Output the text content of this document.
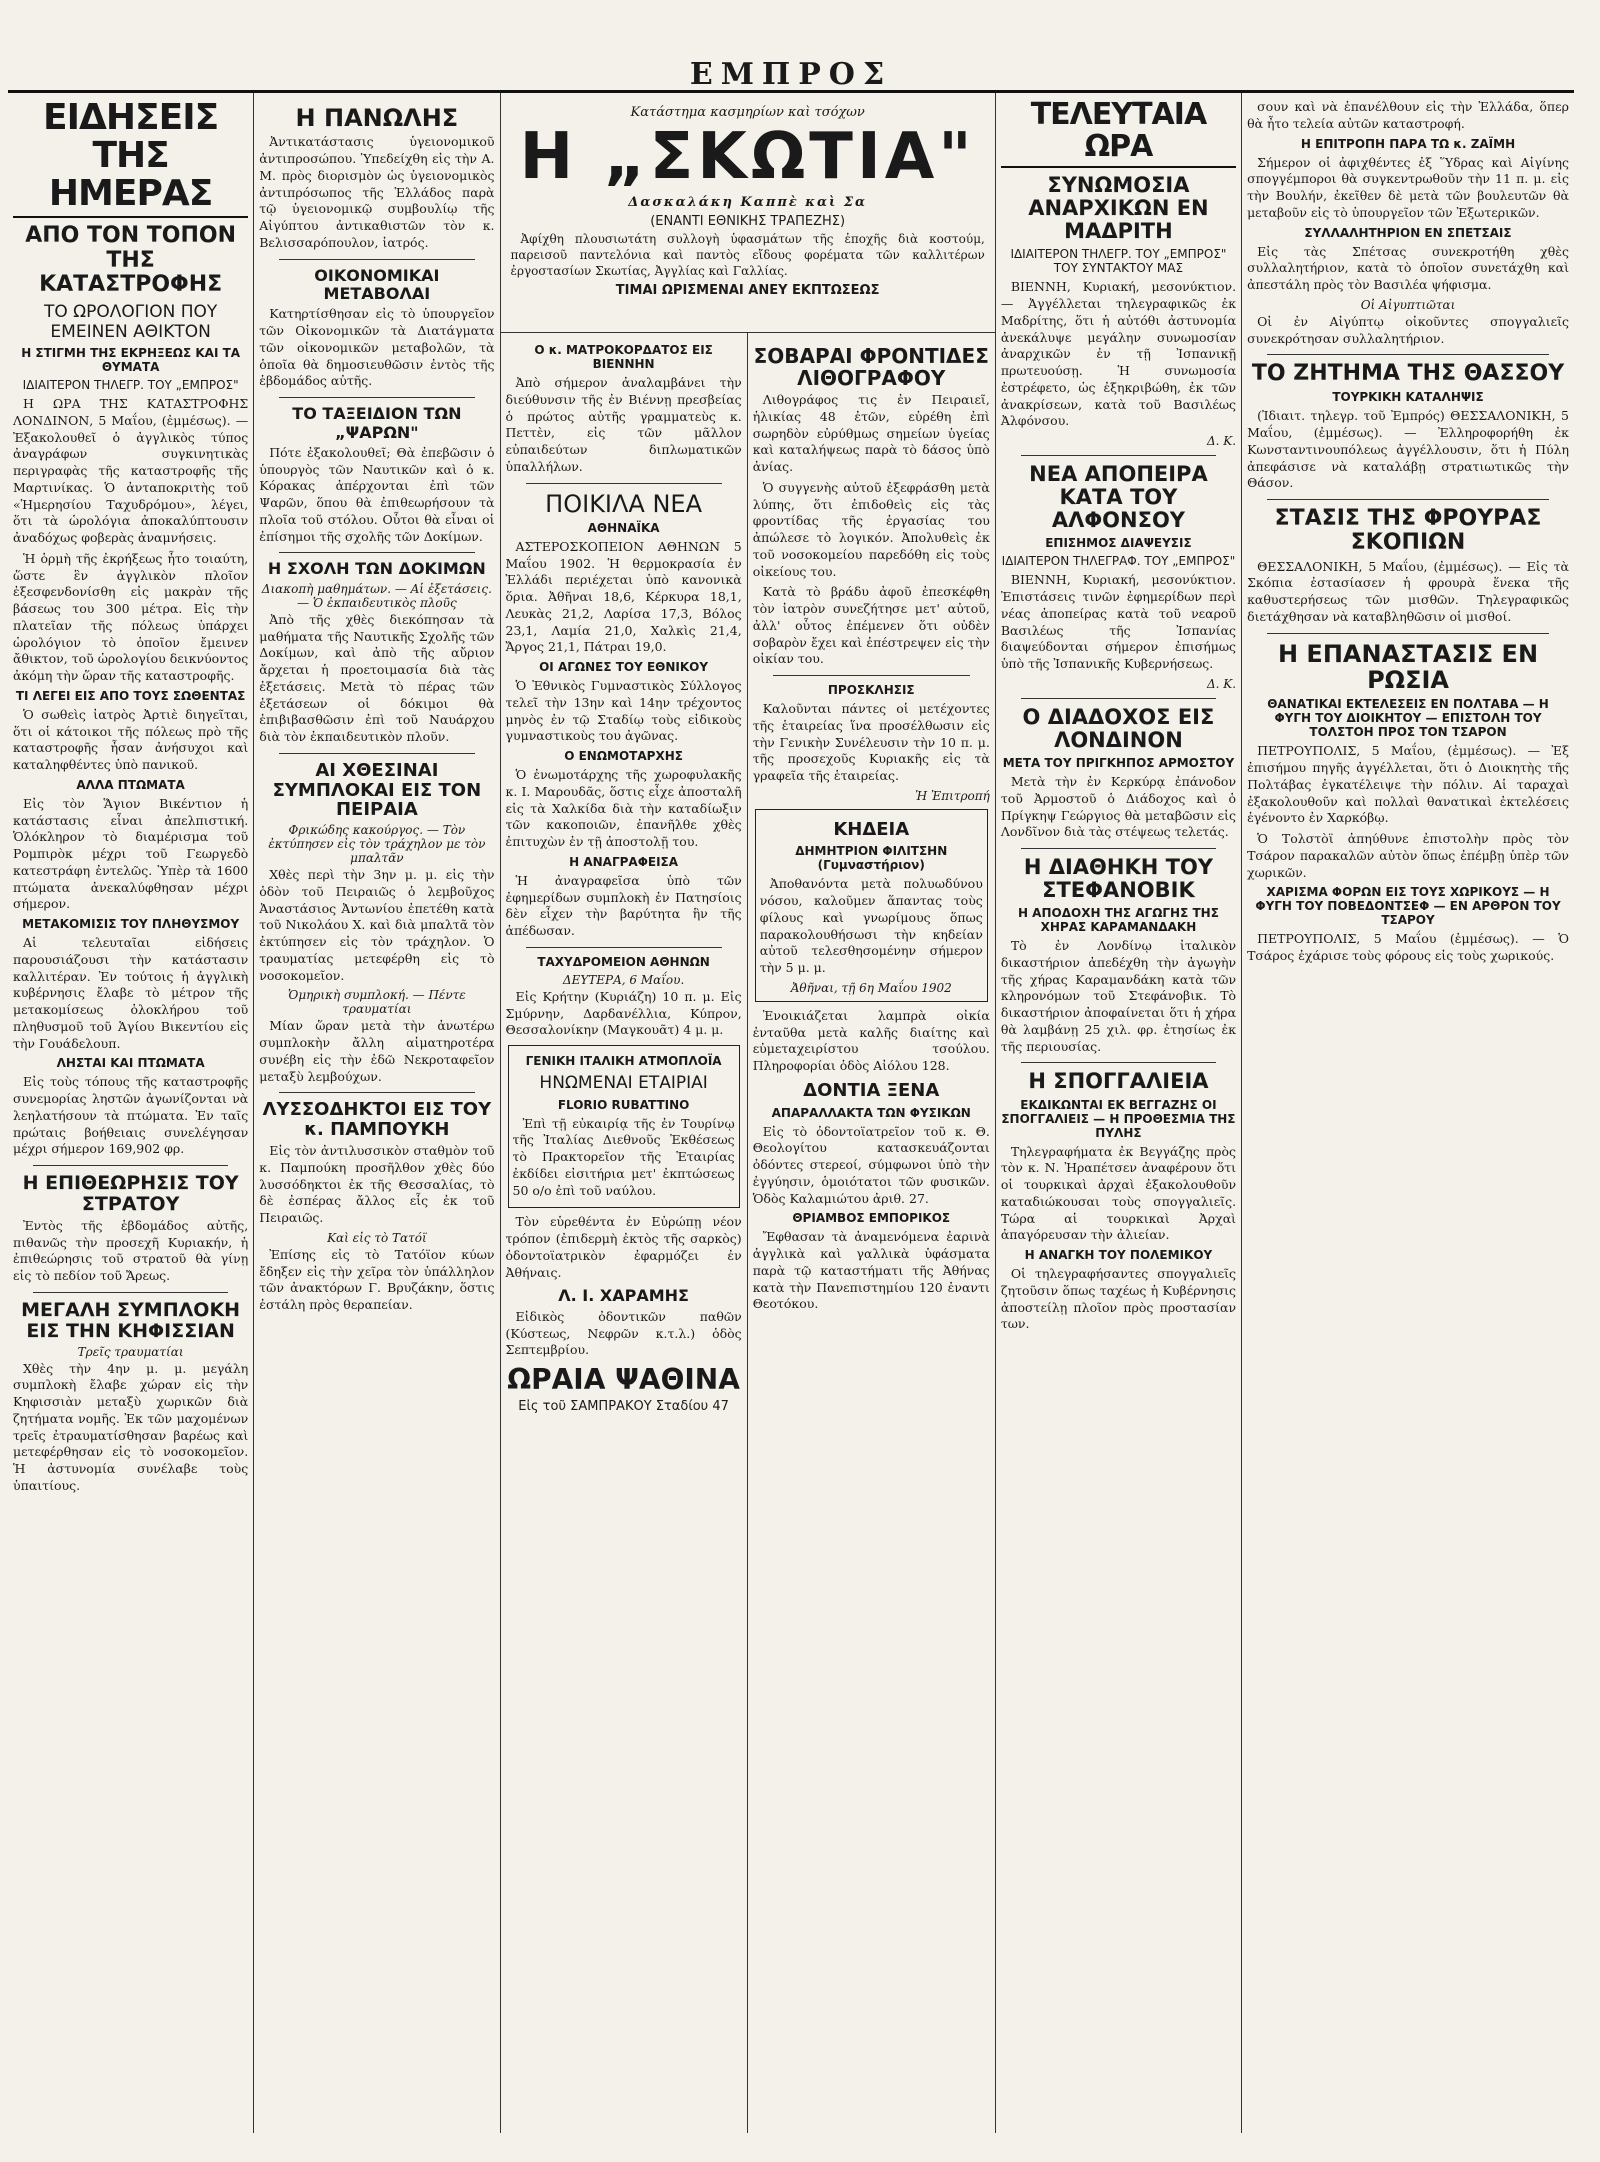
ΕΜΠΡΟΣ
ΕΙΔΗΣΕΙΣ ΤΗΣ ΗΜΕΡΑΣ
ΑΠΟ ΤΟΝ ΤΟΠΟΝ ΤΗΣ ΚΑΤΑΣΤΡΟΦΗΣ
ΤΟ ΩΡΟΛΟΓΙΟΝ ΠΟΥ ΕΜΕΙΝΕΝ ΑΘΙΚΤΟΝ
Η ΣΤΙΓΜΗ ΤΗΣ ΕΚΡΗΞΕΩΣ ΚΑΙ ΤΑ ΘΥΜΑΤΑ
ΙΔΙΑΙΤΕΡΟΝ ΤΗΛΕΓΡ. ΤΟΥ „ΕΜΠΡΟΣ"

Η ΩΡΑ ΤΗΣ ΚΑΤΑΣΤΡΟΦΗΣ ΛΟΝΔΙΝΟΝ, 5 Μαΐου, (ἐμμέσως). — Ἐξακολουθεῖ ὁ ἀγγλικὸς τύπος ἀναγράφων συγκινητικὰς περιγραφὰς τῆς καταστροφῆς τῆς Μαρτινίκας. Ὁ ἀνταποκριτὴς τοῦ «Ἡμερησίου Ταχυδρόμου», λέγει, ὅτι τὰ ὡρολόγια ἀποκαλύπτουσιν ἀναδόχως φοβερὰς ἀναμνήσεις.

Ἡ ὁρμὴ τῆς ἐκρήξεως ἦτο τοιαύτη, ὥστε ἓν ἀγγλικὸν πλοῖον ἐξεσφενδονίσθη εἰς μακρὰν τῆς βάσεως του 300 μέτρα. Εἰς τὴν πλατεῖαν τῆς πόλεως ὑπάρχει ὡρολόγιον τὸ ὁποῖον ἔμεινεν ἄθικτον, τοῦ ὡρολογίου δεικνύοντος ἀκόμη τὴν ὥραν τῆς καταστροφῆς.

ΤΙ ΛΕΓΕΙ ΕΙΣ ΑΠΟ ΤΟΥΣ ΣΩΘΕΝΤΑΣ

Ὁ σωθεὶς ἰατρὸς Ἀρτιὲ διηγεῖται, ὅτι οἱ κάτοικοι τῆς πόλεως πρὸ τῆς καταστροφῆς ἦσαν ἀνήσυχοι καὶ καταληφθέντες ὑπὸ πανικοῦ.

ΑΛΛΑ ΠΤΩΜΑΤΑ

Εἰς τὸν Ἅγιον Βικέντιον ἡ κατάστασις εἶναι ἀπελπιστική. Ὁλόκληρον τὸ διαμέρισμα τοῦ Ρομπιρὸκ μέχρι τοῦ Γεωργεδὸ κατεστράφη ἐντελῶς. Ὑπὲρ τὰ 1600 πτώματα ἀνεκαλύφθησαν μέχρι σήμερον.

ΜΕΤΑΚΟΜΙΣΙΣ ΤΟΥ ΠΛΗΘΥΣΜΟΥ

Αἱ τελευταῖαι εἰδήσεις παρουσιάζουσι τὴν κατάστασιν καλλιτέραν. Ἐν τούτοις ἡ ἀγγλικὴ κυβέρνησις ἔλαβε τὸ μέτρον τῆς μετακομίσεως ὁλοκλήρου τοῦ πληθυσμοῦ τοῦ Ἁγίου Βικεντίου εἰς τὴν Γουάδελουπ.

ΛΗΣΤΑΙ ΚΑΙ ΠΤΩΜΑΤΑ

Εἰς τοὺς τόπους τῆς καταστροφῆς συνεμορίας ληστῶν ἀγωνίζονται νὰ λεηλατήσουν τὰ πτώματα. Ἐν ταῖς πρώταις βοήθειαις συνελέγησαν μέχρι σήμερον 169,902 φρ.

Η ΕΠΙΘΕΩΡΗΣΙΣ ΤΟΥ ΣΤΡΑΤΟΥ

Ἐντὸς τῆς ἑβδομάδος αὐτῆς, πιθανῶς τὴν προσεχῆ Κυριακήν, ἡ ἐπιθεώρησις τοῦ στρατοῦ θὰ γίνῃ εἰς τὸ πεδίον τοῦ Ἄρεως.

ΜΕΓΑΛΗ ΣΥΜΠΛΟΚΗ ΕΙΣ ΤΗΝ ΚΗΦΙΣΣΙΑΝ
Τρεῖς τραυματίαι

Χθὲς τὴν 4ην μ. μ. μεγάλη συμπλοκὴ ἔλαβε χώραν εἰς τὴν Κηφισσιὰν μεταξὺ χωρικῶν διὰ ζητήματα νομῆς. Ἐκ τῶν μαχομένων τρεῖς ἐτραυματίσθησαν βαρέως καὶ μετεφέρθησαν εἰς τὸ νοσοκομεῖον. Ἡ ἀστυνομία συνέλαβε τοὺς ὑπαιτίους.

Η ΠΑΝΩΛΗΣ

Ἀντικατάστασις ὑγειονομικοῦ ἀντιπροσώπου. Ὑπεδείχθη εἰς τὴν Α. Μ. πρὸς διορισμὸν ὡς ὑγειονομικὸς ἀντιπρόσωπος τῆς Ἑλλάδος παρὰ τῷ ὑγειονομικῷ συμβουλίῳ τῆς Αἰγύπτου ἀντικαθιστῶν τὸν κ. Βελισσαρόπουλον, ἰατρός.

ΟΙΚΟΝΟΜΙΚΑΙ ΜΕΤΑΒΟΛΑΙ

Κατηρτίσθησαν εἰς τὸ ὑπουργεῖον τῶν Οἰκονομικῶν τὰ Διατάγματα τῶν οἰκονομικῶν μεταβολῶν, τὰ ὁποῖα θὰ δημοσιευθῶσιν ἐντὸς τῆς ἑβδομάδος αὐτῆς.

ΤΟ ΤΑΞΕΙΔΙΟΝ ΤΩΝ „ΨΑΡΩΝ"

Πότε ἐξακολουθεῖ; Θὰ ἐπεβῶσιν ὁ ὑπουργὸς τῶν Ναυτικῶν καὶ ὁ κ. Κόρακας ἀπέρχονται ἐπὶ τῶν Ψαρῶν, ὅπου θὰ ἐπιθεωρήσουν τὰ πλοῖα τοῦ στόλου. Οὗτοι θὰ εἶναι οἱ ἐπίσημοι τῆς σχολῆς τῶν Δοκίμων.

Η ΣΧΟΛΗ ΤΩΝ ΔΟΚΙΜΩΝ
Διακοπὴ μαθημάτων. — Αἱ ἐξετάσεις. — Ὁ ἐκπαιδευτικὸς πλοῦς

Ἀπὸ τῆς χθὲς διεκόπησαν τὰ μαθήματα τῆς Ναυτικῆς Σχολῆς τῶν Δοκίμων, καὶ ἀπὸ τῆς αὔριον ἄρχεται ἡ προετοιμασία διὰ τὰς ἐξετάσεις. Μετὰ τὸ πέρας τῶν ἐξετάσεων οἱ δόκιμοι θὰ ἐπιβιβασθῶσιν ἐπὶ τοῦ Ναυάρχου διὰ τὸν ἐκπαιδευτικὸν πλοῦν.

ΑΙ ΧΘΕΣΙΝΑΙ ΣΥΜΠΛΟΚΑΙ ΕΙΣ ΤΟΝ ΠΕΙΡΑΙΑ
Φρικώδης κακούργος. — Τὸν ἐκτύπησεν εἰς τὸν τράχηλον με τὸν μπαλτᾶν

Χθὲς περὶ τὴν 3ην μ. μ. εἰς τὴν ὁδὸν τοῦ Πειραιῶς ὁ λεμβοῦχος Ἀναστάσιος Ἀντωνίου ἐπετέθη κατὰ τοῦ Νικολάου Χ. καὶ διὰ μπαλτᾶ τὸν ἐκτύπησεν εἰς τὸν τράχηλον. Ὁ τραυματίας μετεφέρθη εἰς τὸ νοσοκομεῖον.

Ὁμηρικὴ συμπλοκή. — Πέντε τραυματίαι

Μίαν ὥραν μετὰ τὴν ἀνωτέρω συμπλοκὴν ἄλλη αἱματηροτέρα συνέβη εἰς τὴν ἐδῶ Νεκροταφεῖον μεταξὺ λεμβούχων.

ΛΥΣΣΟΔΗΚΤΟΙ ΕΙΣ ΤΟΥ κ. ΠΑΜΠΟΥΚΗ

Εἰς τὸν ἀντιλυσσικὸν σταθμὸν τοῦ κ. Παμπούκη προσῆλθον χθὲς δύο λυσσόδηκτοι ἐκ τῆς Θεσσαλίας, τὸ δὲ ἐσπέρας ἄλλος εἷς ἐκ τοῦ Πειραιῶς.

Καὶ εἰς τὸ Τατόϊ

Ἐπίσης εἰς τὸ Τατόϊον κύων ἔδηξεν εἰς τὴν χεῖρα τὸν ὑπάλληλον τῶν ἀνακτόρων Γ. Βρυζάκην, ὅστις ἐστάλη πρὸς θεραπείαν.

Κατάστημα κασμηρίων καὶ τσόχων
Η „ΣΚΩΤΙΑ"
Δασκαλάκη Καππὲ καὶ Σα
(ΕΝΑΝΤΙ ΕΘΝΙΚΗΣ ΤΡΑΠΕΖΗΣ)

Ἀφίχθη πλουσιωτάτη συλλογὴ ὑφασμάτων τῆς ἐποχῆς διὰ κοστούμ, παρεισοῦ παντελόνια καὶ παντὸς εἴδους φορέματα τῶν καλλιτέρων ἐργοστασίων Σκωτίας, Ἀγγλίας καὶ Γαλλίας.

ΤΙΜΑΙ ΩΡΙΣΜΕΝΑΙ ΑΝΕΥ ΕΚΠΤΩΣΕΩΣ
Ο κ. ΜΑΤΡΟΚΟΡΔΑΤΟΣ ΕΙΣ ΒΙΕΝΝΗΝ

Ἀπὸ σήμερον ἀναλαμβάνει τὴν διεύθυνσιν τῆς ἐν Βιέννῃ πρεσβείας ὁ πρώτος αὐτῆς γραμματεὺς κ. Πεττὲν, εἰς τῶν μᾶλλον εὐπαιδεύτων διπλωματικῶν ὑπαλλήλων.

ΠΟΙΚΙΛΑ ΝΕΑ
ΑΘΗΝΑΪΚΑ

ΑΣΤΕΡΟΣΚΟΠΕΙΟΝ ΑΘΗΝΩΝ 5 Μαΐου 1902. Ἡ θερμοκρασία ἐν Ἑλλάδι περιέχεται ὑπὸ κανονικὰ ὅρια. Ἀθῆναι 18,6, Κέρκυρα 18,1, Λευκὰς 21,2, Λαρίσα 17,3, Βόλος 23,1, Λαμία 21,0, Χαλκὶς 21,4, Ἄργος 21,1, Πάτραι 19,0.

ΟΙ ΑΓΩΝΕΣ ΤΟΥ ΕΘΝΙΚΟΥ

Ὁ Ἐθνικὸς Γυμναστικὸς Σύλλογος τελεῖ τὴν 13ην καὶ 14ην τρέχοντος μηνὸς ἐν τῷ Σταδίῳ τοὺς εἰδικοὺς γυμναστικοὺς του ἀγῶνας.

Ο ΕΝΩΜΟΤΑΡΧΗΣ

Ὁ ἐνωμοτάρχης τῆς χωροφυλακῆς κ. Ι. Μαρουδᾶς, ὅστις εἶχε ἀποσταλῆ εἰς τὰ Χαλκίδα διὰ τὴν καταδίωξιν τῶν κακοποιῶν, ἐπανῆλθε χθὲς ἐπιτυχὼν ἐν τῇ ἀποστολῇ του.

Η ΑΝΑΓΡΑΦΕΙΣΑ

Ἡ ἀναγραφεῖσα ὑπὸ τῶν ἐφημερίδων συμπλοκὴ ἐν Πατησίοις δὲν εἶχεν τὴν βαρύτητα ἣν τῆς ἀπέδωσαν.

ΤΑΧΥΔΡΟΜΕΙΟΝ ΑΘΗΝΩΝ
ΔΕΥΤΕΡΑ, 6 Μαΐου.

Εἰς Κρήτην (Κυριάζη) 10 π. μ. Εἰς Σμύρνην, Δαρδανέλλια, Κύπρον, Θεσσαλονίκην (Μαγκουᾶτ) 4 μ. μ.

ΓΕΝΙΚΗ ΙΤΑΛΙΚΗ ΑΤΜΟΠΛΟΪΑ
ΗΝΩΜΕΝΑΙ ΕΤΑΙΡΙΑΙ
FLORIO RUBATTINO

Ἐπὶ τῇ εὐκαιρίᾳ τῆς ἐν Τουρίνῳ τῆς Ἰταλίας Διεθνοῦς Ἐκθέσεως τὸ Πρακτορεῖον τῆς Ἑταιρίας ἐκδίδει εἰσιτήρια μετ' ἐκπτώσεως 50 ο/ο ἐπὶ τοῦ ναύλου.

Τὸν εὑρεθέντα ἐν Εὐρώπῃ νέον τρόπον (ἐπιδερμὴ ἐκτὸς τῆς σαρκὸς) ὀδοντοϊατρικὸν ἐφαρμόζει ἐν Ἀθήναις.

Λ. Ι. ΧΑΡΑΜΗΣ

Εἰδικὸς ὀδοντικῶν παθῶν (Κύστεως, Νεφρῶν κ.τ.λ.) ὁδὸς Σεπτεμβρίου.

ΩΡΑΙΑ ΨΑΘΙΝΑ
Εἰς τοῦ ΣΑΜΠΡΑΚΟΥ Σταδίου 47
ΣΟΒΑΡΑΙ ΦΡΟΝΤΙΔΕΣ ΛΙΘΟΓΡΑΦΟΥ

Λιθογράφος τις ἐν Πειραιεῖ, ἡλικίας 48 ἐτῶν, εὑρέθη ἐπὶ σωρηδὸν εὐρύθμως σημείων ὑγείας καὶ καταλήψεως παρὰ τὸ δάσος ὑπὸ ἀνίας.

Ὁ συγγενὴς αὐτοῦ ἐξεφράσθη μετὰ λύπης, ὅτι ἐπιδοθεὶς εἰς τὰς φροντίδας τῆς ἐργασίας του ἀπώλεσε τὸ λογικόν. Ἀπολυθεὶς ἐκ τοῦ νοσοκομείου παρεδόθη εἰς τοὺς οἰκείους του.

Κατὰ τὸ βράδυ ἀφοῦ ἐπεσκέφθη τὸν ἰατρὸν συνεζήτησε μετ' αὐτοῦ, ἀλλ' οὗτος ἐπέμενεν ὅτι οὐδὲν σοβαρὸν ἔχει καὶ ἐπέστρεψεν εἰς τὴν οἰκίαν του.

ΠΡΟΣΚΛΗΣΙΣ

Καλοῦνται πάντες οἱ μετέχοντες τῆς ἑταιρείας ἵνα προσέλθωσιν εἰς τὴν Γενικὴν Συνέλευσιν τὴν 10 π. μ. τῆς προσεχοῦς Κυριακῆς εἰς τὰ γραφεῖα τῆς ἑταιρείας.

Ἡ Ἐπιτροπή
ΚΗΔΕΙΑ
ΔΗΜΗΤΡΙΟΝ ΦΙΛΙΤΣΗΝ (Γυμναστήριον)

Ἀποθανόντα μετὰ πολυωδύνου νόσου, καλοῦμεν ἅπαντας τοὺς φίλους καὶ γνωρίμους ὅπως παρακολουθήσωσι τὴν κηδείαν αὐτοῦ τελεσθησομένην σήμερον τὴν 5 μ. μ.

Ἀθῆναι, τῇ 6η Μαΐου 1902

Ἐνοικιάζεται λαμπρὰ οἰκία ἐνταῦθα μετὰ καλῆς διαίτης καὶ εὐμεταχειρίστου τσούλου. Πληροφορίαι ὁδὸς Αἰόλου 128.

ΔΟΝΤΙΑ ΞΕΝΑ
ΑΠΑΡΑΛΛΑΚΤΑ ΤΩΝ ΦΥΣΙΚΩΝ

Εἰς τὸ ὀδοντοϊατρεῖον τοῦ κ. Θ. Θεολογίτου κατασκευάζονται ὀδόντες στερεοί, σύμφωνοι ὑπὸ τὴν ἐγγύησιν, ὁμοιότατοι τῶν φυσικῶν. Ὁδὸς Καλαμιώτου ἀριθ. 27.

ΘΡΙΑΜΒΟΣ ΕΜΠΟΡΙΚΟΣ

Ἔφθασαν τὰ ἀναμενόμενα ἐαρινὰ ἀγγλικὰ καὶ γαλλικὰ ὑφάσματα παρὰ τῷ καταστήματι τῆς Ἀθήνας κατὰ τὴν Πανεπιστημίου 120 ἐναντι Θεοτόκου.

ΤΕΛΕΥΤΑΙΑ ΩΡΑ
ΣΥΝΩΜΟΣΙΑ ΑΝΑΡΧΙΚΩΝ ΕΝ ΜΑΔΡΙΤΗ
ΙΔΙΑΙΤΕΡΟΝ ΤΗΛΕΓΡ. ΤΟΥ „ΕΜΠΡΟΣ" ΤΟΥ ΣΥΝΤΑΚΤΟΥ ΜΑΣ

ΒΙΕΝΝΗ, Κυριακή, μεσονύκτιον. — Ἀγγέλλεται τηλεγραφικῶς ἐκ Μαδρίτης, ὅτι ἡ αὐτόθι ἀστυνομία ἀνεκάλυψε μεγάλην συνωμοσίαν ἀναρχικῶν ἐν τῇ Ἰσπανικῇ πρωτευούσῃ. Ἡ συνωμοσία ἐστρέφετο, ὡς ἐξηκριβώθη, ἐκ τῶν ἀνακρίσεων, κατὰ τοῦ Βασιλέως Ἀλφόνσου.

Δ. Κ.
ΝΕΑ ΑΠΟΠΕΙΡΑ ΚΑΤΑ ΤΟΥ ΑΛΦΟΝΣΟΥ
ΕΠΙΣΗΜΟΣ ΔΙΑΨΕΥΣΙΣ
ΙΔΙΑΙΤΕΡΟΝ ΤΗΛΕΓΡΑΦ. ΤΟΥ „ΕΜΠΡΟΣ"

ΒΙΕΝΝΗ, Κυριακή, μεσονύκτιον. Ἐπιστάσεις τινῶν ἐφημερίδων περὶ νέας ἀποπείρας κατὰ τοῦ νεαροῦ Βασιλέως τῆς Ἰσπανίας διαψεύδονται σήμερον ἐπισήμως ὑπὸ τῆς Ἰσπανικῆς Κυβερνήσεως.

Δ. Κ.
Ο ΔΙΑΔΟΧΟΣ ΕΙΣ ΛΟΝΔΙΝΟΝ
ΜΕΤΑ ΤΟΥ ΠΡΙΓΚΗΠΟΣ ΑΡΜΟΣΤΟΥ

Μετὰ τὴν ἐν Κερκύρᾳ ἐπάνοδον τοῦ Ἀρμοστοῦ ὁ Διάδοχος καὶ ὁ Πρίγκηψ Γεώργιος θὰ μεταβῶσιν εἰς Λονδῖνον διὰ τὰς στέψεως τελετάς.

Η ΔΙΑΘΗΚΗ ΤΟΥ ΣΤΕΦΑΝΟΒΙΚ
Η ΑΠΟΔΟΧΗ ΤΗΣ ΑΓΩΓΗΣ ΤΗΣ ΧΗΡΑΣ ΚΑΡΑΜΑΝΔΑΚΗ

Τὸ ἐν Λονδίνῳ ἰταλικὸν δικαστήριον ἀπεδέχθη τὴν ἀγωγὴν τῆς χήρας Καραμανδάκη κατὰ τῶν κληρονόμων τοῦ Στεφάνοβικ. Τὸ δικαστήριον ἀποφαίνεται ὅτι ἡ χήρα θὰ λαμβάνῃ 25 χιλ. φρ. ἐτησίως ἐκ τῆς περιουσίας.

Η ΣΠΟΓΓΑΛΙΕΙΑ
ΕΚΔΙΚΩΝΤΑΙ ΕΚ ΒΕΓΓΑΖΗΣ ΟΙ ΣΠΟΓΓΑΛΙΕΙΣ — Η ΠΡΟΘΕΣΜΙΑ ΤΗΣ ΠΥΛΗΣ

Τηλεγραφήματα ἐκ Βεγγάζης πρὸς τὸν κ. Ν. Ἠραπέτσεν ἀναφέρουν ὅτι οἱ τουρκικαὶ ἀρχαὶ ἐξακολουθοῦν καταδιώκουσαι τοὺς σπογγαλιεῖς. Τώρα αἱ τουρκικαὶ Ἀρχαὶ ἀπαγόρευσαν τὴν ἀλιείαν.

Η ΑΝΑΓΚΗ ΤΟΥ ΠΟΛΕΜΙΚΟΥ

Οἱ τηλεγραφήσαντες σπογγαλιεῖς ζητοῦσιν ὅπως ταχέως ἡ Κυβέρνησις ἀποστείλῃ πλοῖον πρὸς προστασίαν των.

σουν καὶ νὰ ἐπανέλθουν εἰς τὴν Ἑλλάδα, ὅπερ θὰ ἦτο τελεία αὐτῶν καταστροφή.

Η ΕΠΙΤΡΟΠΗ ΠΑΡΑ ΤΩ κ. ΖΑΪΜΗ

Σήμερον οἱ ἀφιχθέντες ἐξ Ὕδρας καὶ Αἰγίνης σπογγέμποροι θὰ συγκεντρωθοῦν τὴν 11 π. μ. εἰς τὴν Βουλήν, ἐκεῖθεν δὲ μετὰ τῶν βουλευτῶν θὰ μεταβοῦν εἰς τὸ ὑπουργεῖον τῶν Ἐξωτερικῶν.

ΣΥΛΛΑΛΗΤΗΡΙΟΝ ΕΝ ΣΠΕΤΣΑΙΣ

Εἰς τὰς Σπέτσας συνεκροτήθη χθὲς συλλαλητήριον, κατὰ τὸ ὁποῖον συνετάχθη καὶ ἀπεστάλη πρὸς τὸν Βασιλέα ψήφισμα.

Οἱ Αἰγυπτιῶται

Οἱ ἐν Αἰγύπτῳ οἰκοῦντες σπογγαλιεῖς συνεκρότησαν συλλαλητήριον.

ΤΟ ΖΗΤΗΜΑ ΤΗΣ ΘΑΣΣΟΥ
ΤΟΥΡΚΙΚΗ ΚΑΤΑΛΗΨΙΣ

(Ἰδιαιτ. τηλεγρ. τοῦ Ἐμπρός) ΘΕΣΣΑΛΟΝΙΚΗ, 5 Μαΐου, (ἐμμέσως). — Ἐλληροφορήθη ἐκ Κωνσταντινουπόλεως ἀγγέλλουσιν, ὅτι ἡ Πύλη ἀπεφάσισε νὰ καταλάβῃ στρατιωτικῶς τὴν Θάσον.

ΣΤΑΣΙΣ ΤΗΣ ΦΡΟΥΡΑΣ ΣΚΟΠΙΩΝ

ΘΕΣΣΑΛΟΝΙΚΗ, 5 Μαΐου, (ἐμμέσως). — Εἰς τὰ Σκόπια ἐστασίασεν ἡ φρουρὰ ἕνεκα τῆς καθυστερήσεως τῶν μισθῶν. Τηλεγραφικῶς διετάχθησαν νὰ καταβληθῶσιν οἱ μισθοί.

Η ΕΠΑΝΑΣΤΑΣΙΣ ΕΝ ΡΩΣΙΑ
ΘΑΝΑΤΙΚΑΙ ΕΚΤΕΛΕΣΕΙΣ ΕΝ ΠΟΛΤΑΒΑ — Η ΦΥΓΗ ΤΟΥ ΔΙΟΙΚΗΤΟΥ — ΕΠΙΣΤΟΛΗ ΤΟΥ ΤΟΛΣΤΟΗ ΠΡΟΣ ΤΟΝ ΤΣΑΡΟΝ

ΠΕΤΡΟΥΠΟΛΙΣ, 5 Μαΐου, (ἐμμέσως). — Ἐξ ἐπισήμου πηγῆς ἀγγέλλεται, ὅτι ὁ Διοικητὴς τῆς Πολτάβας ἐγκατέλειψε τὴν πόλιν. Αἱ ταραχαὶ ἐξακολουθοῦν καὶ πολλαὶ θανατικαὶ ἐκτελέσεις ἐγένοντο ἐν Χαρκόβῳ.

Ὁ Τολστὸϊ ἀπηύθυνε ἐπιστολὴν πρὸς τὸν Τσάρον παρακαλῶν αὐτὸν ὅπως ἐπέμβῃ ὑπὲρ τῶν χωρικῶν.

ΧΑΡΙΣΜΑ ΦΟΡΩΝ ΕΙΣ ΤΟΥΣ ΧΩΡΙΚΟΥΣ — Η ΦΥΓΗ ΤΟΥ ΠΟΒΕΔΟΝΤΣΕΦ — ΕΝ ΑΡΘΡΟΝ ΤΟΥ ΤΣΑΡΟΥ

ΠΕΤΡΟΥΠΟΛΙΣ, 5 Μαΐου (ἐμμέσως). — Ὁ Τσάρος ἐχάρισε τοὺς φόρους εἰς τοὺς χωρικούς.
